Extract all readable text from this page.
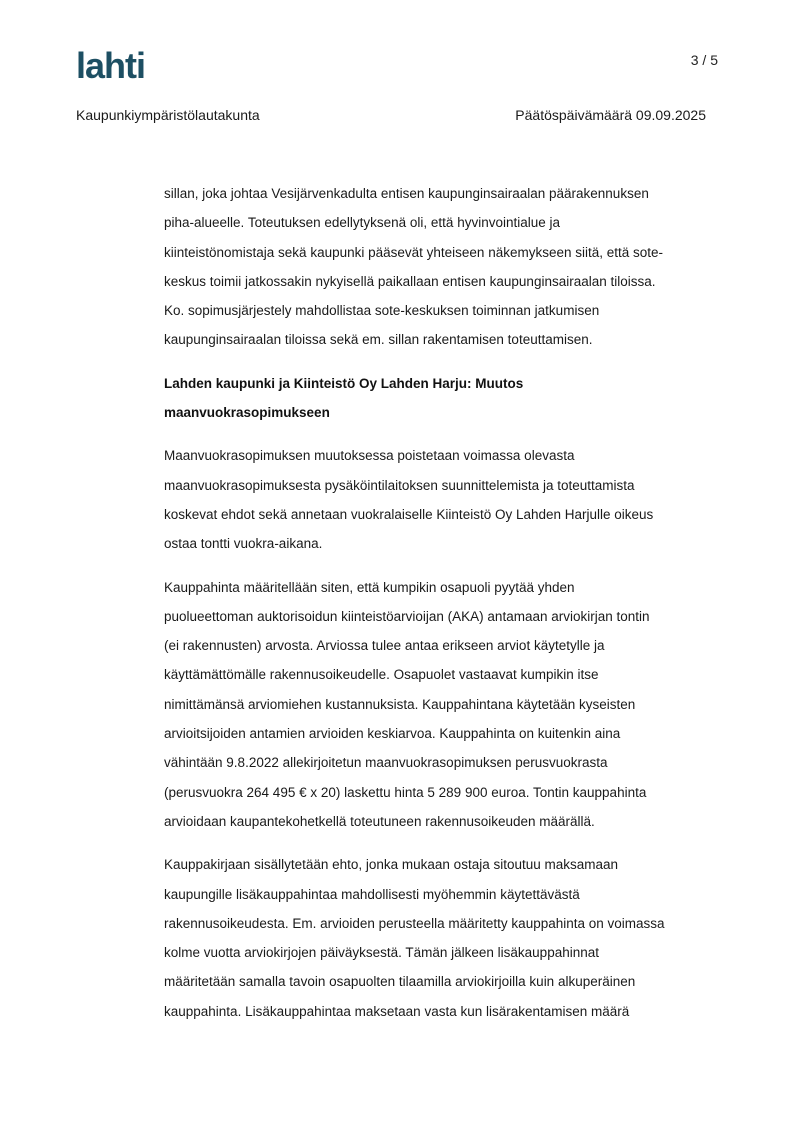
lahti	3 / 5
Kaupunkiympäristölautakunta	Päätöspäivämäärä 09.09.2025

sillan, joka johtaa Vesijärvenkadulta entisen kaupunginsairaalan päärakennuksen

piha-alueelle. Toteutuksen edellytyksenä oli, että hyvinvointialue ja

kiinteistönomistaja sekä kaupunki pääsevät yhteiseen näkemykseen siitä, että sote-

keskus toimii jatkossakin nykyisellä paikallaan entisen kaupunginsairaalan tiloissa.

Ko. sopimusjärjestely mahdollistaa sote-keskuksen toiminnan jatkumisen

kaupunginsairaalan tiloissa sekä em. sillan rakentamisen toteuttamisen.

Lahden kaupunki ja Kiinteistö Oy Lahden Harju: Muutos

maanvuokrasopimukseen

Maanvuokrasopimuksen muutoksessa poistetaan voimassa olevasta

maanvuokrasopimuksesta pysäköintilaitoksen suunnittelemista ja toteuttamista

koskevat ehdot sekä annetaan vuokralaiselle Kiinteistö Oy Lahden Harjulle oikeus

ostaa tontti vuokra-aikana.

Kauppahinta määritellään siten, että kumpikin osapuoli pyytää yhden

puolueettoman auktorisoidun kiinteistöarvioijan (AKA) antamaan arviokirjan tontin

(ei rakennusten) arvosta. Arviossa tulee antaa erikseen arviot käytetylle ja

käyttämättömälle rakennusoikeudelle. Osapuolet vastaavat kumpikin itse

nimittämänsä arviomiehen kustannuksista. Kauppahintana käytetään kyseisten

arvioitsijoiden antamien arvioiden keskiarvoa. Kauppahinta on kuitenkin aina

vähintään 9.8.2022 allekirjoitetun maanvuokrasopimuksen perusvuokrasta

(perusvuokra 264 495 € x 20) laskettu hinta 5 289 900 euroa. Tontin kauppahinta

arvioidaan kaupantekohetkellä toteutuneen rakennusoikeuden määrällä.

Kauppakirjaan sisällytetään ehto, jonka mukaan ostaja sitoutuu maksamaan

kaupungille lisäkauppahintaa mahdollisesti myöhemmin käytettävästä

rakennusoikeudesta. Em. arvioiden perusteella määritetty kauppahinta on voimassa

kolme vuotta arviokirjojen päiväyksestä. Tämän jälkeen lisäkauppahinnat

määritetään samalla tavoin osapuolten tilaamilla arviokirjoilla kuin alkuperäinen

kauppahinta. Lisäkauppahintaa maksetaan vasta kun lisärakentamisen määrä
